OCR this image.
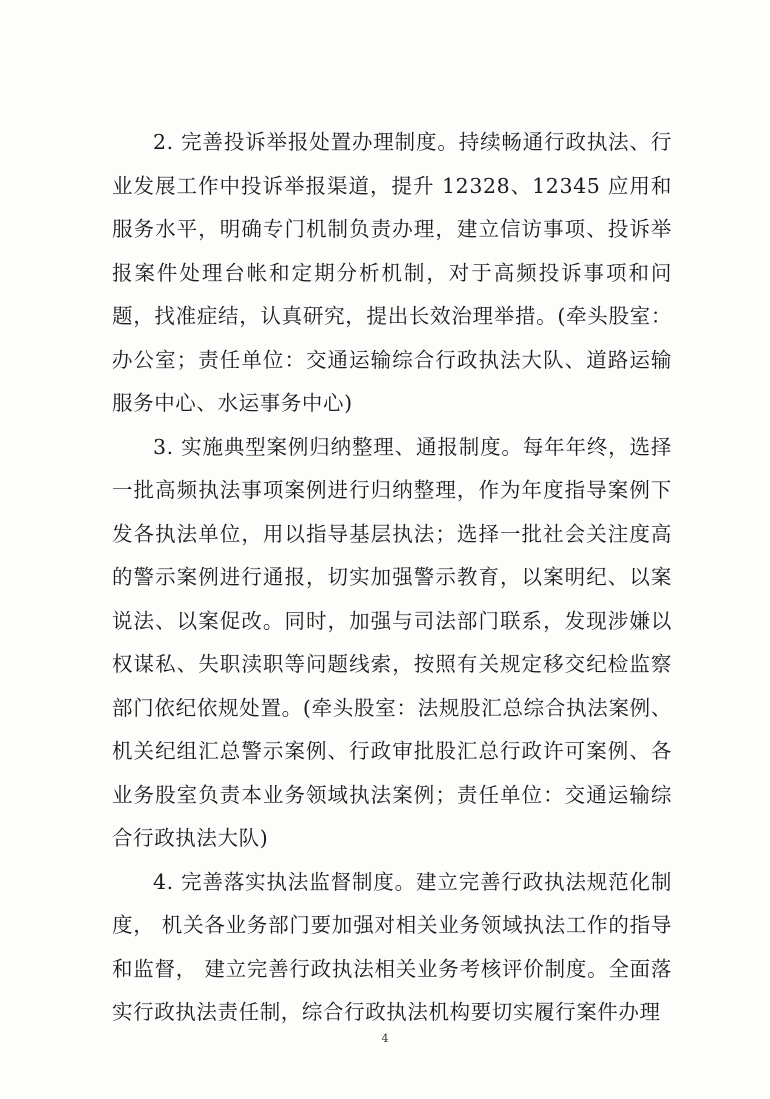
2. 完善投诉举报处置办理制度。持续畅通行政执法、行业发展工作中投诉举报渠道，提升 12328、12345 应用和服务水平，明确专门机制负责办理，建立信访事项、投诉举报案件处理台帐和定期分析机制，对于高频投诉事项和问题，找准症结，认真研究，提出长效治理举措。(牵头股室：办公室；责任单位：交通运输综合行政执法大队、道路运输服务中心、水运事务中心)

3. 实施典型案例归纳整理、通报制度。每年年终，选择一批高频执法事项案例进行归纳整理，作为年度指导案例下发各执法单位，用以指导基层执法；选择一批社会关注度高的警示案例进行通报，切实加强警示教育，以案明纪、以案说法、以案促改。同时，加强与司法部门联系，发现涉嫌以权谋私、失职渎职等问题线索，按照有关规定移交纪检监察部门依纪依规处置。(牵头股室：法规股汇总综合执法案例、机关纪组汇总警示案例、行政审批股汇总行政许可案例、各业务股室负责本业务领域执法案例；责任单位：交通运输综合行政执法大队)

4. 完善落实执法监督制度。建立完善行政执法规范化制度， 机关各业务部门要加强对相关业务领域执法工作的指导和监督， 建立完善行政执法相关业务考核评价制度。全面落实行政执法责任制，综合行政执法机构要切实履行案件办理

4
